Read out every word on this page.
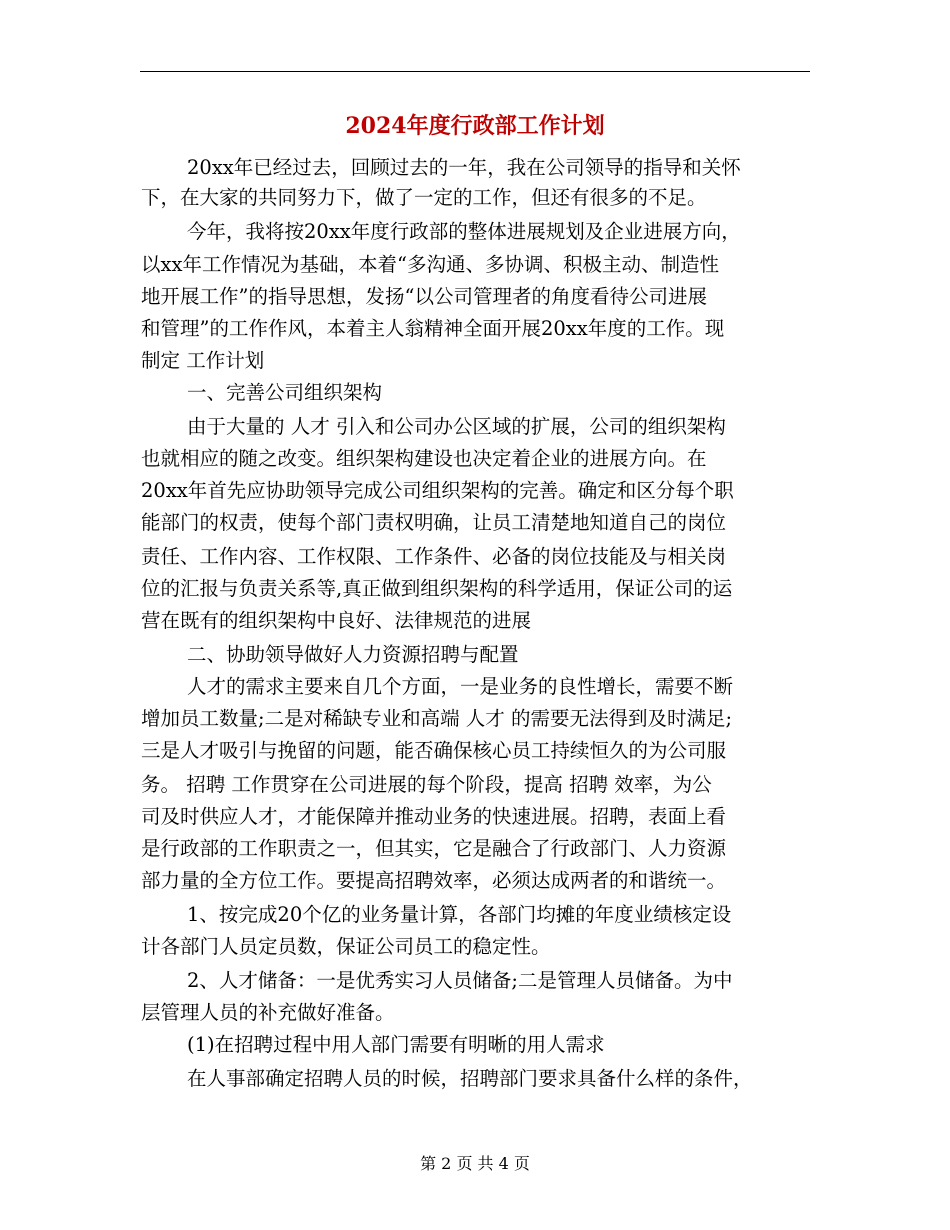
2024年度行政部工作计划
20xx年已经过去，回顾过去的一年，我在公司领导的指导和关怀
下，在大家的共同努力下，做了一定的工作，但还有很多的不足。
今年，我将按20xx年度行政部的整体进展规划及企业进展方向，
以xx年工作情况为基础，本着“多沟通、多协调、积极主动、制造性
地开展工作”的指导思想，发扬“以公司管理者的角度看待公司进展
和管理”的工作作风，本着主人翁精神全面开展20xx年度的工作。现
制定 工作计划
一、完善公司组织架构
由于大量的 人才 引入和公司办公区域的扩展，公司的组织架构
也就相应的随之改变。组织架构建设也决定着企业的进展方向。在
20xx年首先应协助领导完成公司组织架构的完善。确定和区分每个职
能部门的权责，使每个部门责权明确，让员工清楚地知道自己的岗位
责任、工作内容、工作权限、工作条件、必备的岗位技能及与相关岗
位的汇报与负责关系等,真正做到组织架构的科学适用，保证公司的运
营在既有的组织架构中良好、法律规范的进展
二、协助领导做好人力资源招聘与配置
人才的需求主要来自几个方面，一是业务的良性增长，需要不断
增加员工数量;二是对稀缺专业和高端 人才 的需要无法得到及时满足;
三是人才吸引与挽留的问题，能否确保核心员工持续恒久的为公司服
务。 招聘 工作贯穿在公司进展的每个阶段，提高 招聘 效率，为公
司及时供应人才，才能保障并推动业务的快速进展。招聘，表面上看
是行政部的工作职责之一，但其实，它是融合了行政部门、人力资源
部力量的全方位工作。要提高招聘效率，必须达成两者的和谐统一。
1、按完成20个亿的业务量计算，各部门均摊的年度业绩核定设
计各部门人员定员数，保证公司员工的稳定性。
2、人才储备：一是优秀实习人员储备;二是管理人员储备。为中
层管理人员的补充做好准备。
(1)在招聘过程中用人部门需要有明晰的用人需求
在人事部确定招聘人员的时候，招聘部门要求具备什么样的条件，
第 2 页 共 4 页
